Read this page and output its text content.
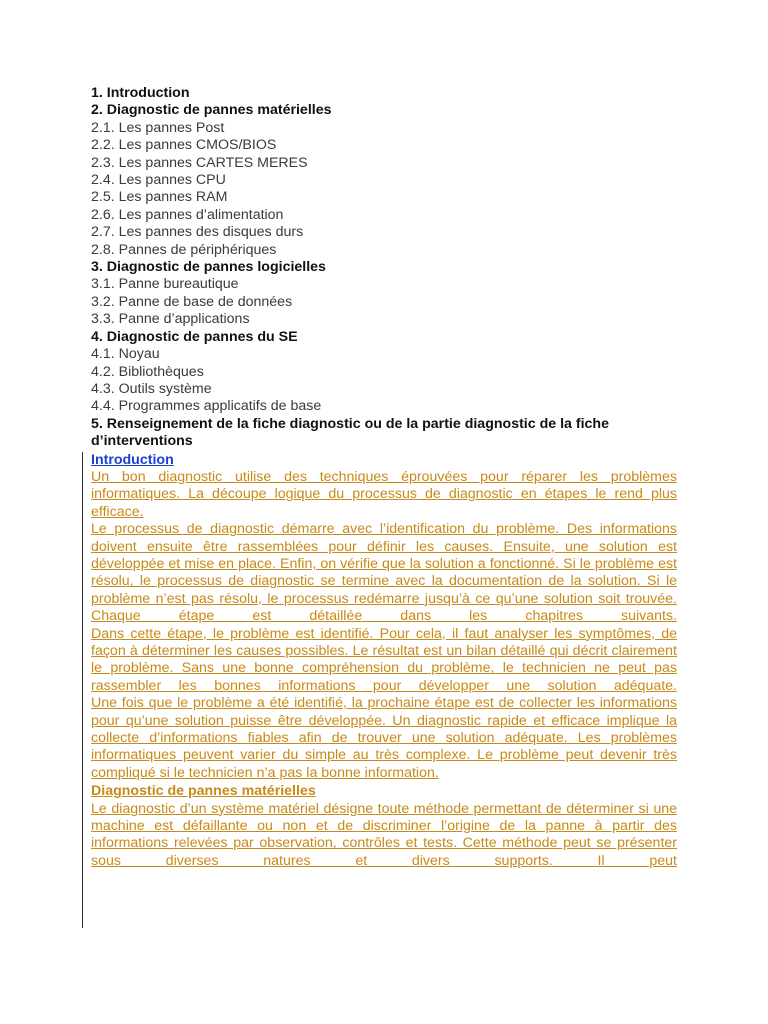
1. Introduction
2. Diagnostic de pannes matérielles
2.1. Les pannes Post
2.2. Les pannes CMOS/BIOS
2.3. Les pannes CARTES MERES
2.4. Les pannes CPU
2.5. Les pannes RAM
2.6. Les pannes d’alimentation
2.7. Les pannes des disques durs
2.8. Pannes de périphériques
3. Diagnostic de pannes logicielles
3.1. Panne bureautique
3.2. Panne de base de données
3.3. Panne d’applications
4. Diagnostic de pannes du SE
4.1. Noyau
4.2. Bibliothèques
4.3. Outils système
4.4. Programmes applicatifs de base
5. Renseignement de la fiche diagnostic ou de la partie diagnostic de la fiche d’interventions
Introduction

Un bon diagnostic utilise des techniques éprouvées pour réparer les problèmes informatiques. La découpe logique du processus de diagnostic en étapes le rend plus efficace.

Le processus de diagnostic démarre avec l’identification du problème. Des informations doivent ensuite être rassemblées pour définir les causes. Ensuite, une solution est développée et mise en place. Enfin, on vérifie que la solution a fonctionné. Si le problème est résolu, le processus de diagnostic se termine avec la documentation de la solution. Si le problème n’est pas résolu, le processus redémarre jusqu’à ce qu’une solution soit trouvée. Chaque étape est détaillée dans les chapitres suivants.

Dans cette étape, le problème est identifié. Pour cela, il faut analyser les symptômes, de façon à déterminer les causes possibles. Le résultat est un bilan détaillé qui décrit clairement le problème. Sans une bonne compréhension du problème, le technicien ne peut pas rassembler les bonnes informations pour développer une solution adéquate.

Une fois que le problème a été identifié, la prochaine étape est de collecter les informations pour qu’une solution puisse être développée. Un diagnostic rapide et efficace implique la collecte d’informations fiables afin de trouver une solution adéquate. Les problèmes informatiques peuvent varier du simple au très complexe. Le problème peut devenir très compliqué si le technicien n’a pas la bonne information.

Diagnostic de pannes matérielles

Le diagnostic d’un système matériel désigne toute méthode permettant de déterminer si une machine est défaillante ou non et de discriminer l’origine de la panne à partir des informations relevées par observation, contrôles et tests. Cette méthode peut se présenter sous diverses natures et divers supports. Il peut
